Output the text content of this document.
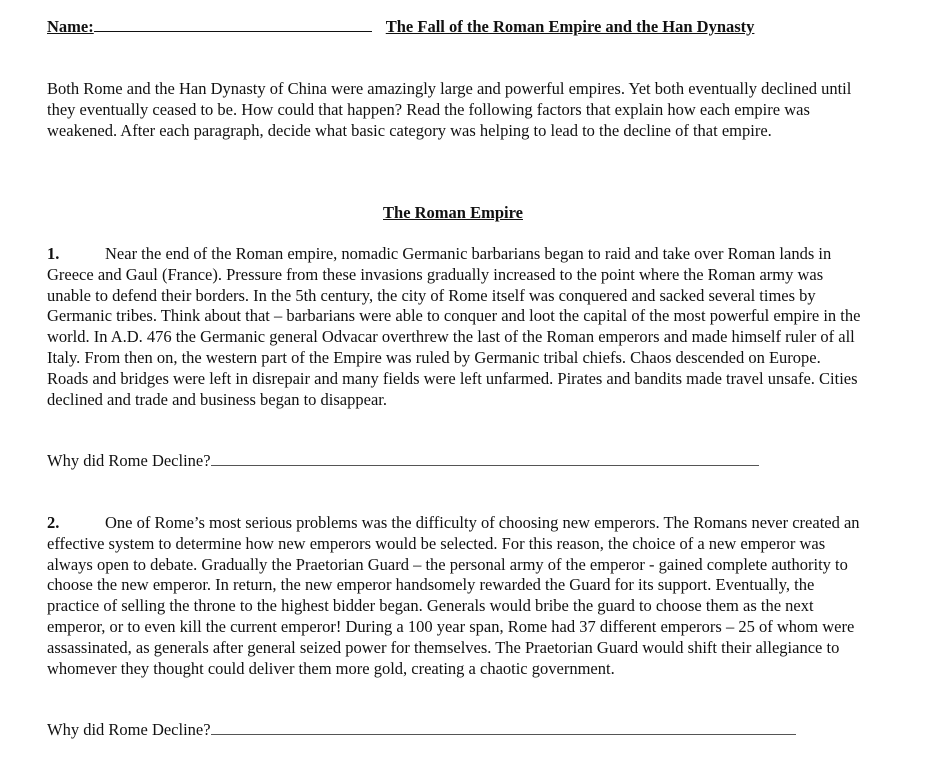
Name:	The Fall of the Roman Empire and the Han Dynasty
Both Rome and the Han Dynasty of China were amazingly large and powerful empires. Yet both eventually declined until they eventually ceased to be. How could that happen? Read the following factors that explain how each empire was weakened. After each paragraph, decide what basic category was helping to lead to the decline of that empire.
The Roman Empire
1.	Near the end of the Roman empire, nomadic Germanic barbarians began to raid and take over Roman lands in Greece and Gaul (France). Pressure from these invasions gradually increased to the point where the Roman army was unable to defend their borders. In the 5th century, the city of Rome itself was conquered and sacked several times by Germanic tribes. Think about that – barbarians were able to conquer and loot the capital of the most powerful empire in the world. In A.D. 476 the Germanic general Odvacar overthrew the last of the Roman emperors and made himself ruler of all Italy. From then on, the western part of the Empire was ruled by Germanic tribal chiefs. Chaos descended on Europe. Roads and bridges were left in disrepair and many fields were left unfarmed. Pirates and bandits made travel unsafe. Cities declined and trade and business began to disappear.
Why did Rome Decline?
2.	One of Rome’s most serious problems was the difficulty of choosing new emperors. The Romans never created an effective system to determine how new emperors would be selected. For this reason, the choice of a new emperor was always open to debate. Gradually the Praetorian Guard – the personal army of the emperor - gained complete authority to choose the new emperor. In return, the new emperor handsomely rewarded the Guard for its support. Eventually, the practice of selling the throne to the highest bidder began. Generals would bribe the guard to choose them as the next emperor, or to even kill the current emperor! During a 100 year span, Rome had 37 different emperors – 25 of whom were assassinated, as generals after general seized power for themselves. The Praetorian Guard would shift their allegiance to whomever they thought could deliver them more gold, creating a chaotic government.
Why did Rome Decline?
